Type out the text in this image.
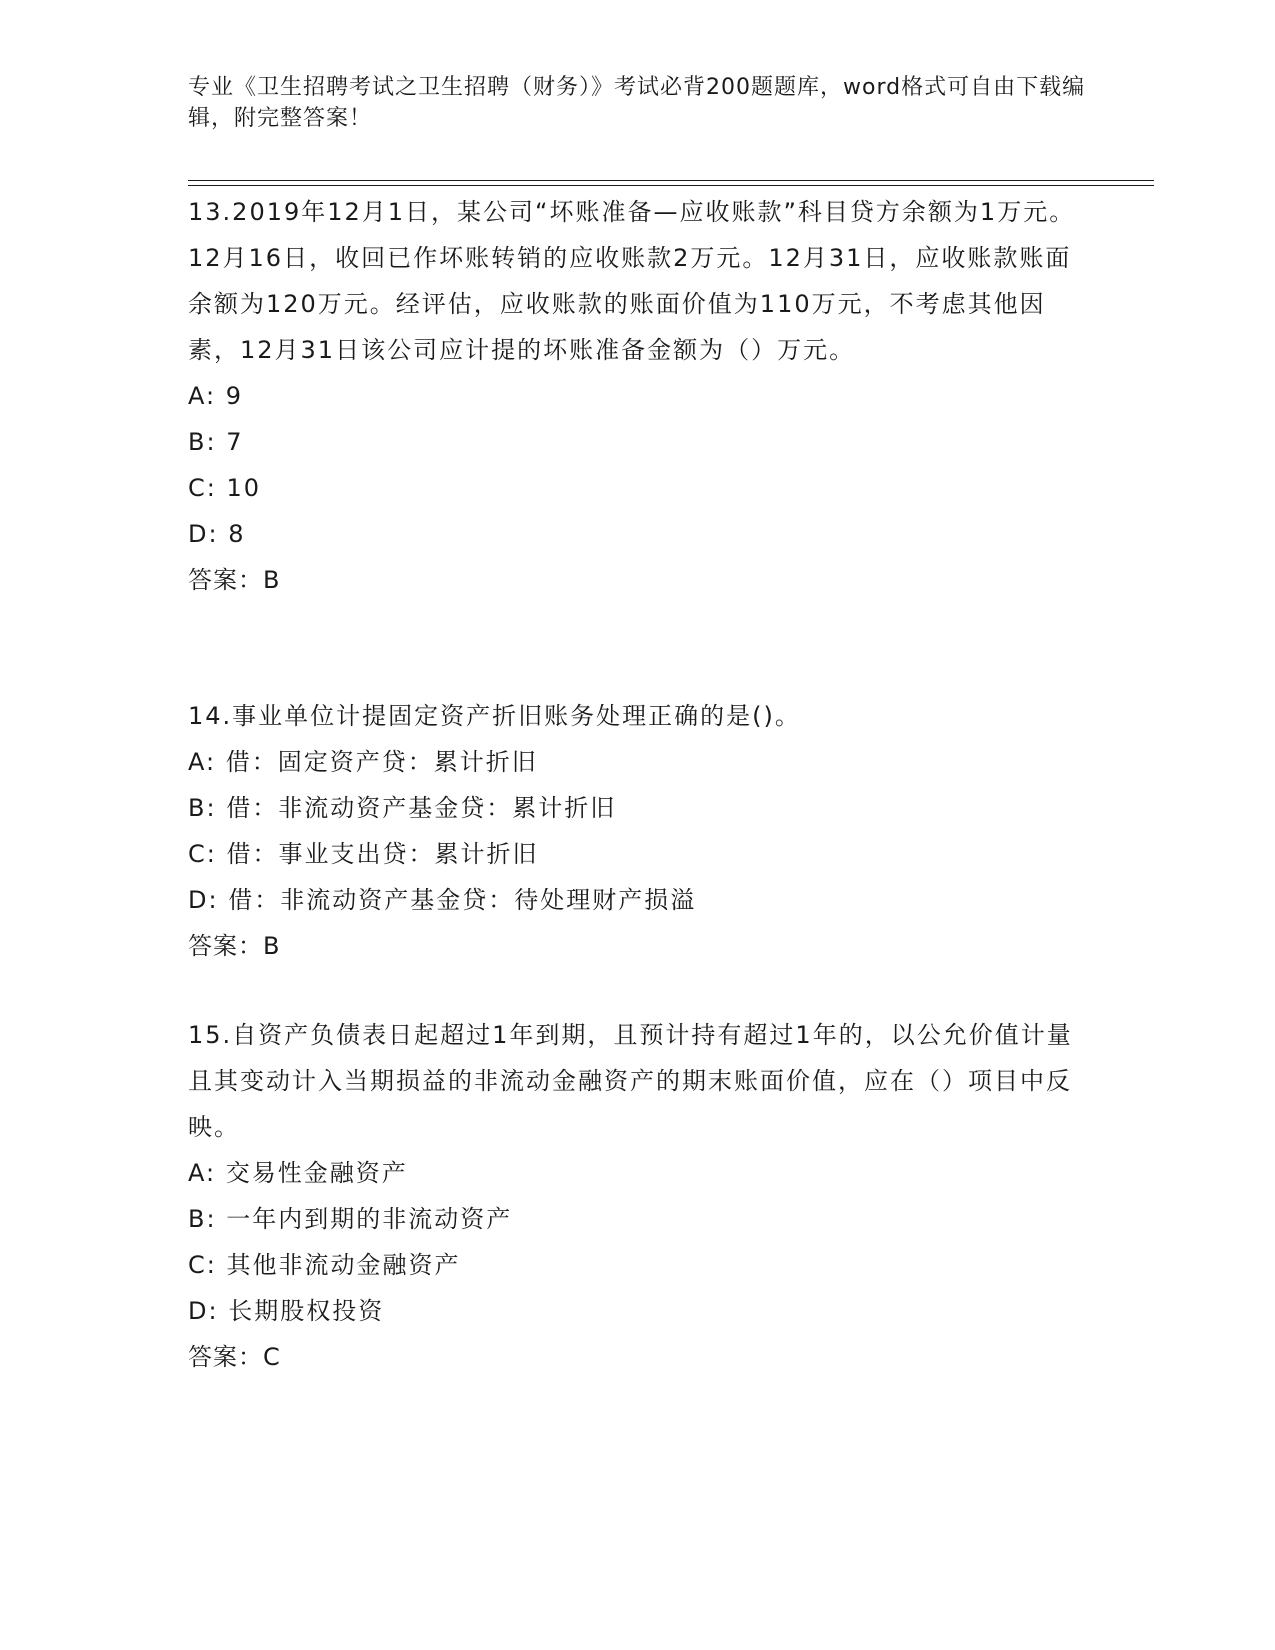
专业《卫生招聘考试之卫生招聘（财务）》考试必背200题题库，word格式可自由下载编辑，附完整答案！
13.2019年12月1日，某公司“坏账准备—应收账款”科目贷方余额为1万元。12月16日，收回已作坏账转销的应收账款2万元。12月31日，应收账款账面余额为120万元。经评估，应收账款的账面价值为110万元，不考虑其他因素，12月31日该公司应计提的坏账准备金额为（）万元。
A: 9
B: 7
C: 10
D: 8
答案：B
14.事业单位计提固定资产折旧账务处理正确的是()。
A: 借：固定资产贷：累计折旧
B: 借：非流动资产基金贷：累计折旧
C: 借：事业支出贷：累计折旧
D: 借：非流动资产基金贷：待处理财产损溢
答案：B
15.自资产负债表日起超过1年到期，且预计持有超过1年的，以公允价值计量且其变动计入当期损益的非流动金融资产的期末账面价值，应在（）项目中反映。
A: 交易性金融资产
B: 一年内到期的非流动资产
C: 其他非流动金融资产
D: 长期股权投资
答案：C
